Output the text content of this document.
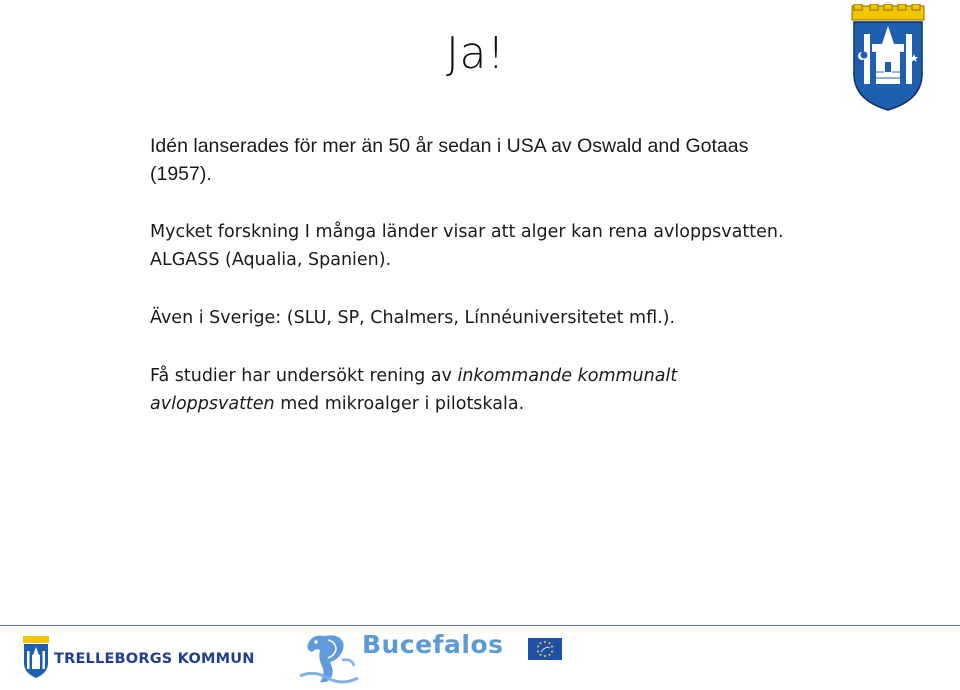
Ja!

Idén lanserades för mer än 50 år sedan i USA av Oswald and Gotaas
(1957).

Mycket forskning I många länder visar att alger kan rena avloppsvatten.
ALGASS (Aqualia, Spanien).

Även i Sverige: (SLU, SP, Chalmers, Línnéuniversitetet mfl.).

Få studier har undersökt rening av inkommande kommunalt
avloppsvatten med mikroalger i pilotskala.

TRELLEBORGS KOMMUN	Bucefalos
